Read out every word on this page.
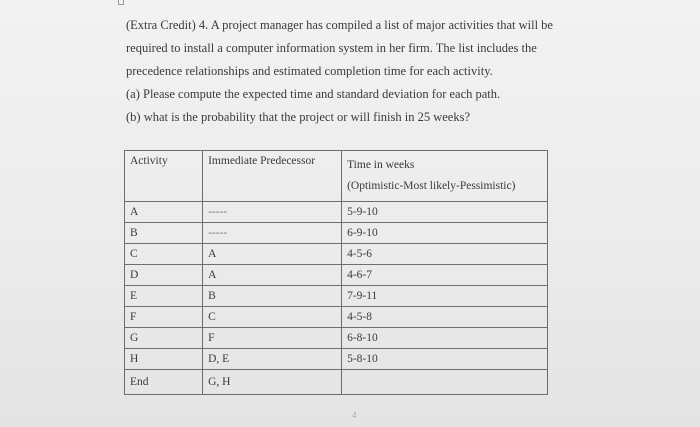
(Extra Credit) 4. A project manager has compiled a list of major activities that will be
required to install a computer information system in her firm. The list includes the
precedence relationships and estimated completion time for each activity.
(a) Please compute the expected time and standard deviation for each path.
(b) what is the probability that the project or will finish in 25 weeks?
Activity	Immediate Predecessor	Time in weeks
(Optimistic-Most likely-Pessimistic)

A	-----	5-9-10
B	-----	6-9-10
C	A	4-5-6
D	A	4-6-7
E	B	7-9-11
F	C	4-5-8
G	F	6-8-10
H	D, E	5-8-10
End	G, H	
4
